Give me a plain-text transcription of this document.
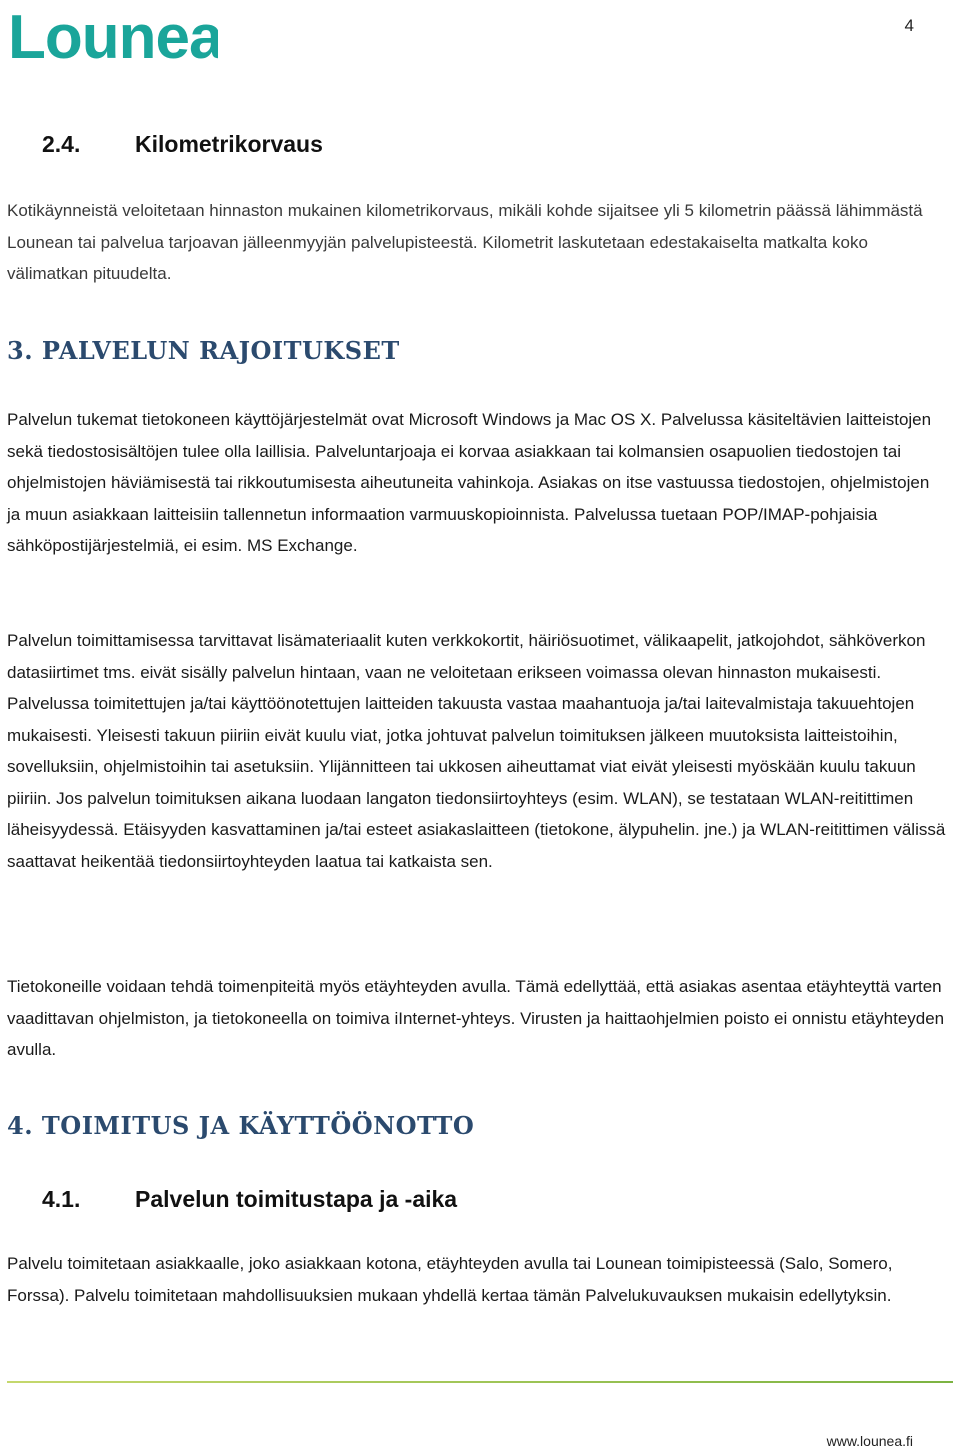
Lounea	4
2.4. Kilometrikorvaus

Kotikäynneistä veloitetaan hinnaston mukainen kilometrikorvaus, mikäli kohde sijaitsee yli 5 kilometrin päässä lähimmästä Lounean tai palvelua tarjoavan jälleenmyyjän palvelupisteestä. Kilometrit laskutetaan edestakaiselta matkalta koko välimatkan pituudelta.

3. PALVELUN RAJOITUKSET

Palvelun tukemat tietokoneen käyttöjärjestelmät ovat Microsoft Windows ja Mac OS X. Palvelussa käsiteltävien laitteistojen sekä tiedostosisältöjen tulee olla laillisia. Palveluntarjoaja ei korvaa asiakkaan tai kolmansien osapuolien tiedostojen tai ohjelmistojen häviämisestä tai rikkoutumisesta aiheutuneita vahinkoja. Asiakas on itse vastuussa tiedostojen, ohjelmistojen ja muun asiakkaan laitteisiin tallennetun informaation varmuuskopioinnista. Palvelussa tuetaan POP/IMAP-pohjaisia sähköpostijärjestelmiä, ei esim. MS Exchange.

Palvelun toimittamisessa tarvittavat lisämateriaalit kuten verkkokortit, häiriösuotimet, välikaapelit, jatkojohdot, sähköverkon datasiirtimet tms. eivät sisälly palvelun hintaan, vaan ne veloitetaan erikseen voimassa olevan hinnaston mukaisesti. Palvelussa toimitettujen ja/tai käyttöönotettujen laitteiden takuusta vastaa maahantuoja ja/tai laitevalmistaja takuuehtojen mukaisesti. Yleisesti takuun piiriin eivät kuulu viat, jotka johtuvat palvelun toimituksen jälkeen muutoksista laitteistoihin, sovelluksiin, ohjelmistoihin tai asetuksiin. Ylijännitteen tai ukkosen aiheuttamat viat eivät yleisesti myöskään kuulu takuun piiriin. Jos palvelun toimituksen aikana luodaan langaton tiedonsiirtoyhteys (esim. WLAN), se testataan WLAN-reitittimen läheisyydessä. Etäisyyden kasvattaminen ja/tai esteet asiakaslaitteen (tietokone, älypuhelin. jne.) ja WLAN-reitittimen välissä saattavat heikentää tiedonsiirtoyhteyden laatua tai katkaista sen.

Tietokoneille voidaan tehdä toimenpiteitä myös etäyhteyden avulla. Tämä edellyttää, että asiakas asentaa etäyhteyttä varten vaadittavan ohjelmiston, ja tietokoneella on toimiva iInternet-yhteys. Virusten ja haittaohjelmien poisto ei onnistu etäyhteyden avulla.

4. TOIMITUS JA KÄYTTÖÖNOTTO
4.1. Palvelun toimitustapa ja -aika

Palvelu toimitetaan asiakkaalle, joko asiakkaan kotona, etäyhteyden avulla tai Lounean toimipisteessä (Salo, Somero, Forssa). Palvelu toimitetaan mahdollisuuksien mukaan yhdellä kertaa tämän Palvelukuvauksen mukaisin edellytyksin.

www.lounea.fi
